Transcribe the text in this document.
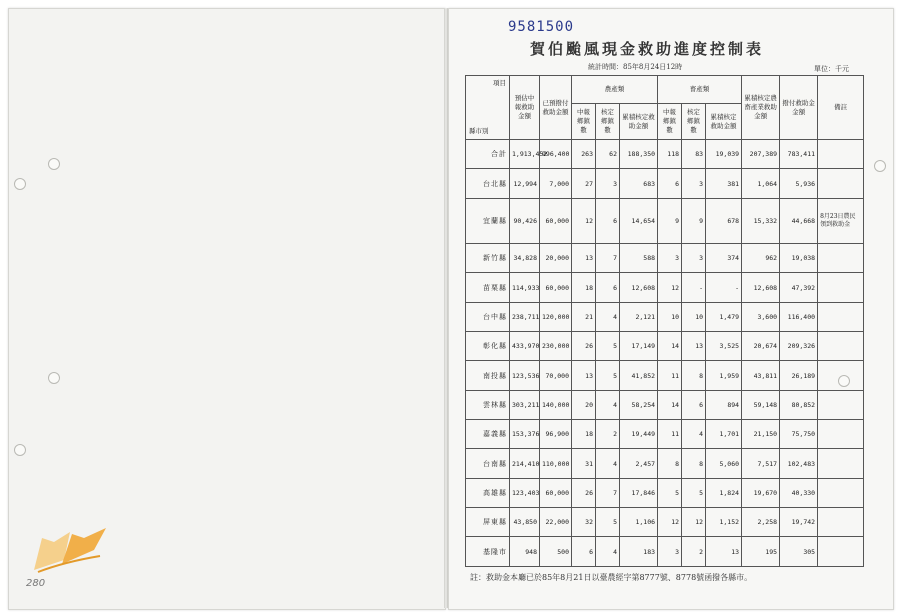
9581500
賀伯颱風現金救助進度控制表
統計時間：85年8月24日12時	單位：千元
項目
縣市別	預估中報救助金額	已預撥付救助金額	農產類			畜產類			累積核定農畜產業救助金額	撥付救助金金額	備註
			中報鄉鎮數	核定鄉鎮數	累積核定救助金額	中報鄉鎮數	核定鄉鎮數	累積核定救助金額			
合計	1,913,452	996,400	263	62	188,350	118	83	19,039	207,389	783,411	
台北縣	12,994	7,000	27	3	683	6	3	381	1,064	5,936	
宜蘭縣	90,426	60,000	12	6	14,654	9	9	678	15,332	44,668	8月23日農民領到救助金
新竹縣	34,828	20,000	13	7	588	3	3	374	962	19,038	
苗栗縣	114,933	60,000	18	6	12,608	12	-	-	12,608	47,392	
台中縣	238,711	120,000	21	4	2,121	10	10	1,479	3,600	116,400	
彰化縣	433,970	230,000	26	5	17,149	14	13	3,525	20,674	209,326	
南投縣	123,536	70,000	13	5	41,852	11	8	1,959	43,811	26,189	
雲林縣	303,211	140,000	20	4	58,254	14	6	894	59,148	80,852	
嘉義縣	153,376	96,900	18	2	19,449	11	4	1,701	21,150	75,750	
台南縣	214,410	110,000	31	4	2,457	8	8	5,060	7,517	102,483	
高雄縣	123,403	60,000	26	7	17,846	5	5	1,824	19,670	40,330	
屏東縣	43,850	22,000	32	5	1,106	12	12	1,152	2,258	19,742	
基隆市	948	500	6	4	183	3	2	13	195	305	
註：救助金本廳已於85年8月21日以臺農經字第8777號、8778號函撥各縣市。
280
